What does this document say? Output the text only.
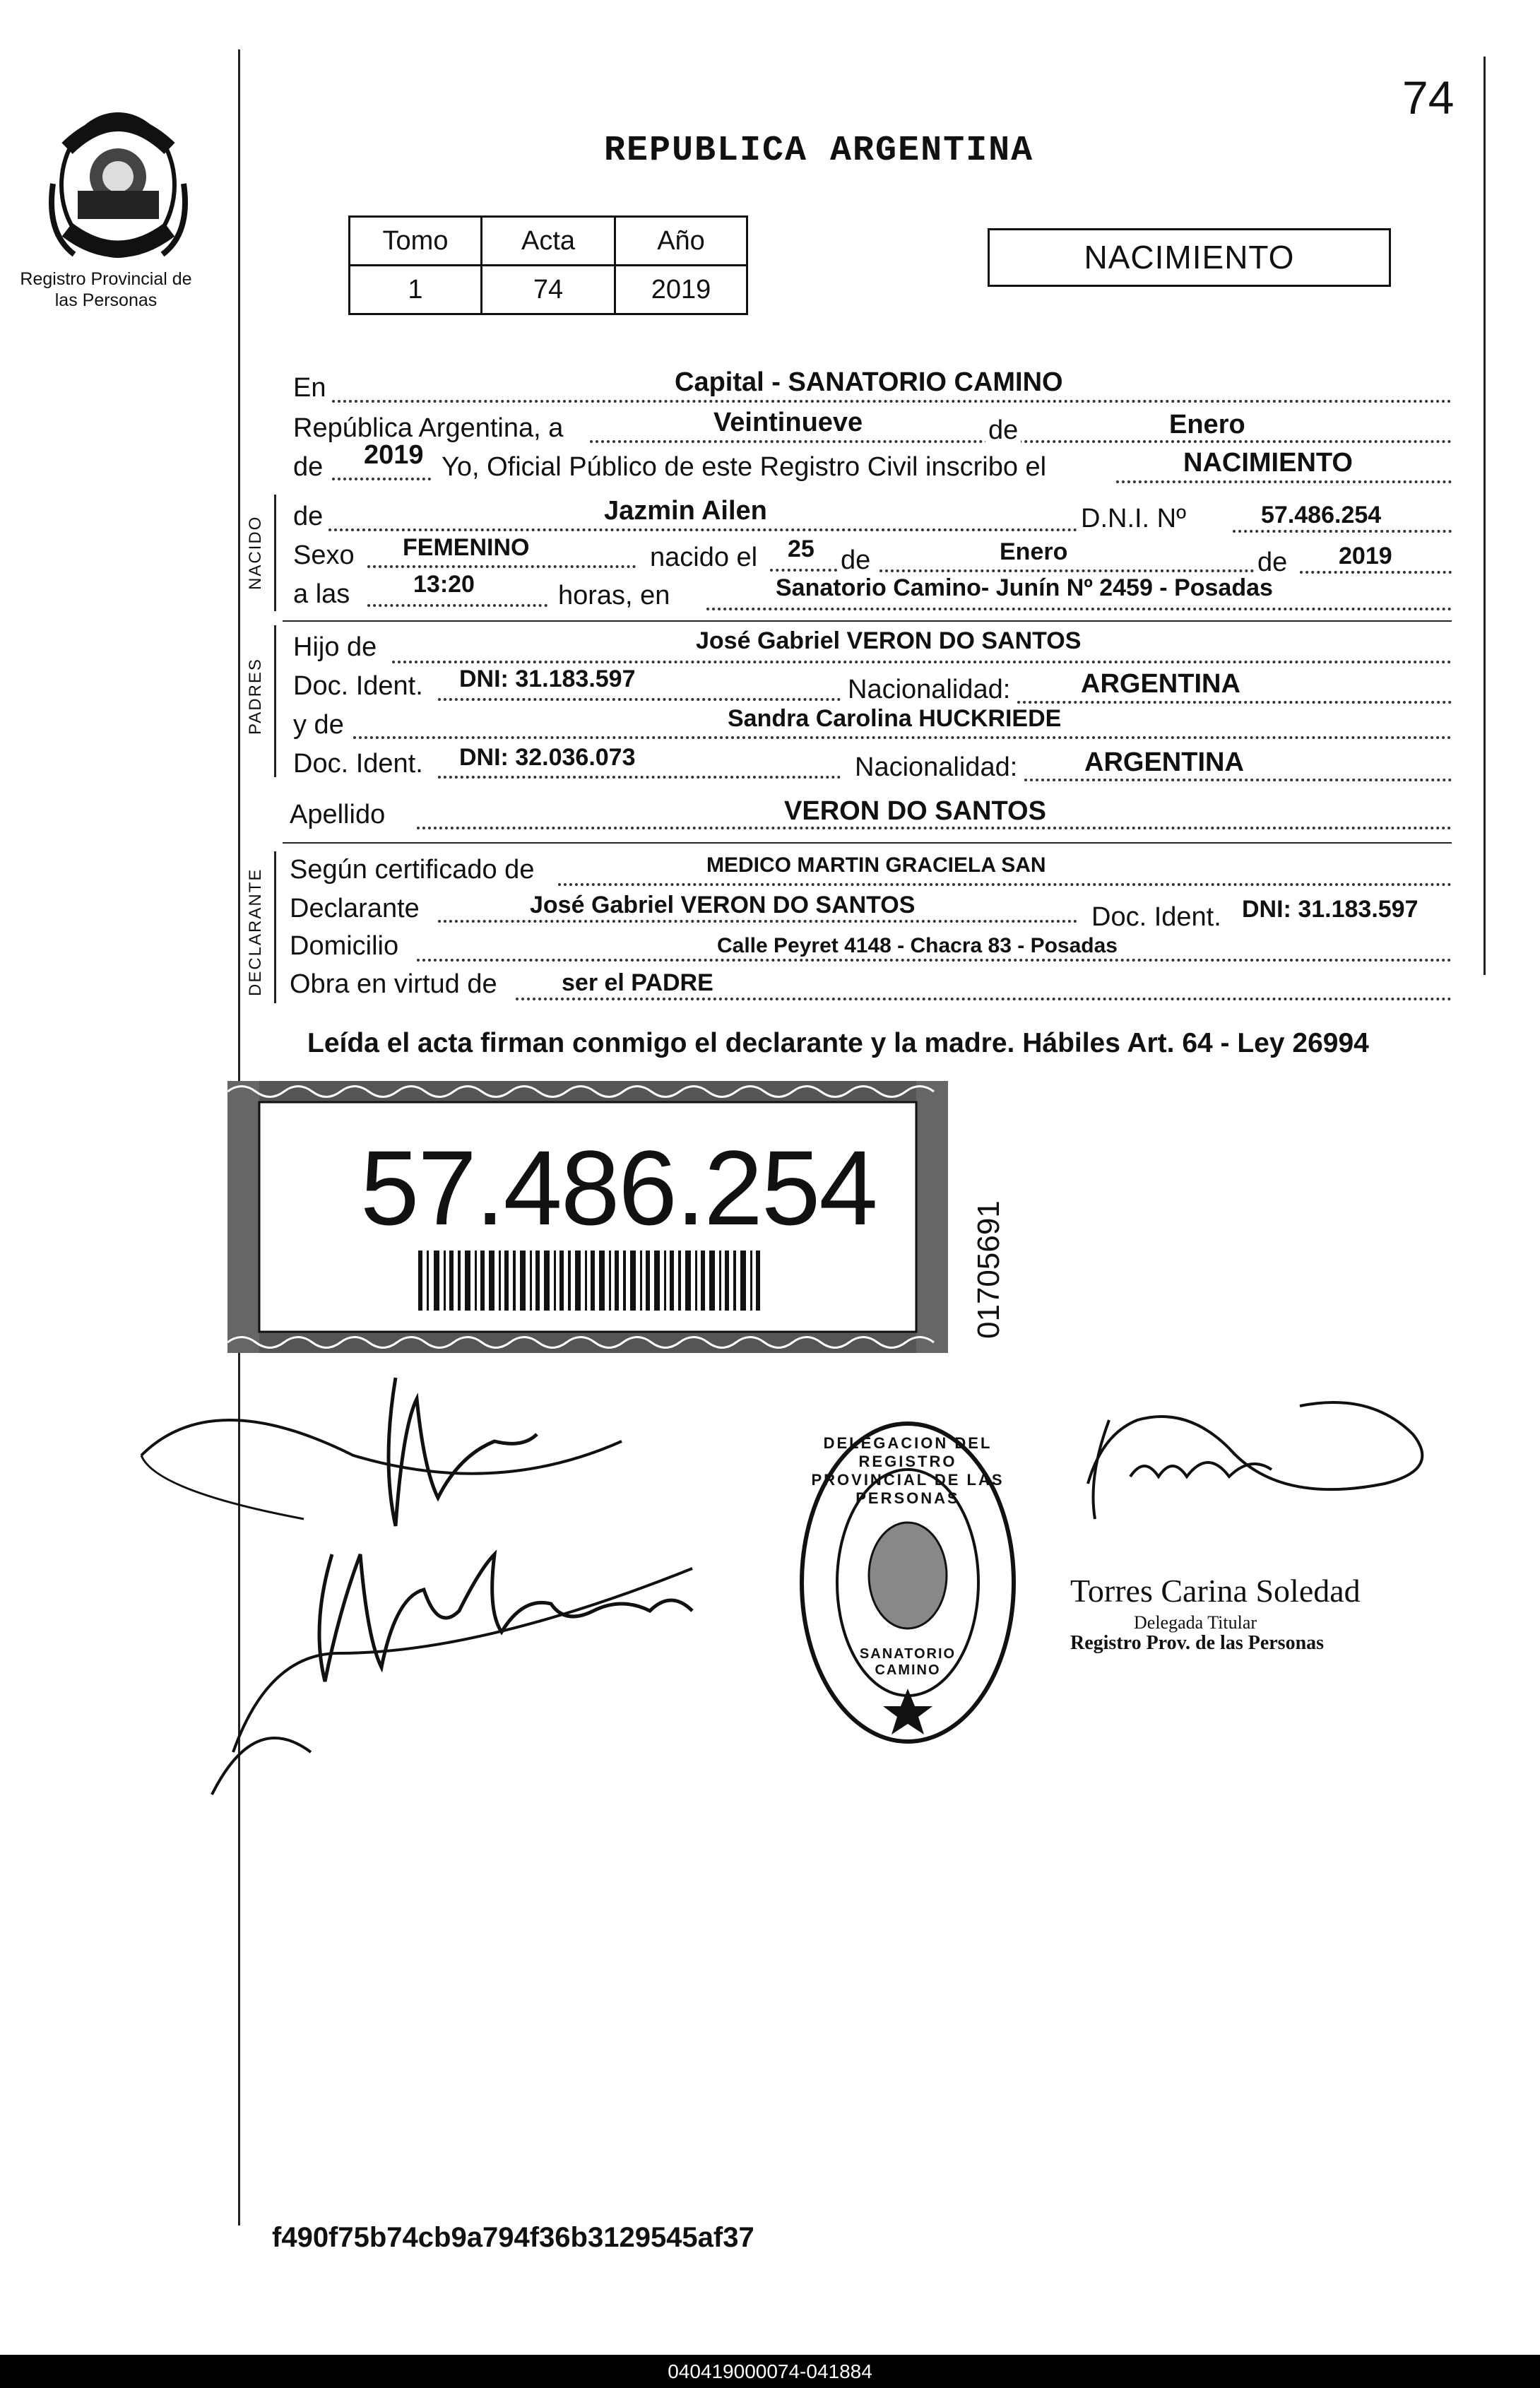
74
REPUBLICA ARGENTINA
Registro Provincial de las Personas
Tomo	Acta	Año
1	74	2019
NACIMIENTO
En	Capital - SANATORIO CAMINO
República Argentina, a	Veintinueve	de	Enero
de 2019 Yo, Oficial Público de este Registro Civil inscribo el	NACIMIENTO
NACIDO de	Jazmin Ailen	D.N.I. Nº	57.486.254
Sexo FEMENINO	nacido el 25 de	Enero	de 2019
a las	13:20	horas, en	Sanatorio Camino- Junín Nº 2459 - Posadas
PADRES
Hijo de	José Gabriel VERON DO SANTOS
Doc. Ident. DNI: 31.183.597	Nacionalidad:	ARGENTINA
y de	Sandra Carolina HUCKRIEDE
Doc. Ident. DNI: 32.036.073	Nacionalidad: ARGENTINA
Apellido	VERON DO SANTOS
DECLARANTE Según certificado de	MEDICO MARTIN GRACIELA SAN
Declarante	José Gabriel VERON DO SANTOS	Doc. Ident. DNI: 31.183.597
Domicilio	Calle Peyret 4148 - Chacra 83 - Posadas
Obra en virtud de	ser el PADRE
Leída el acta firman conmigo el declarante y la madre. Hábiles Art. 64 - Ley 26994
57.486.254
01705691
DELEGACION DEL REGISTRO PROVINCIAL DE LAS PERSONAS
SANATORIO CAMINO
Torres Carina Soledad
Delegada Titular
Registro Prov. de las Personas
f490f75b74cb9a794f36b3129545af37
040419000074-041884
